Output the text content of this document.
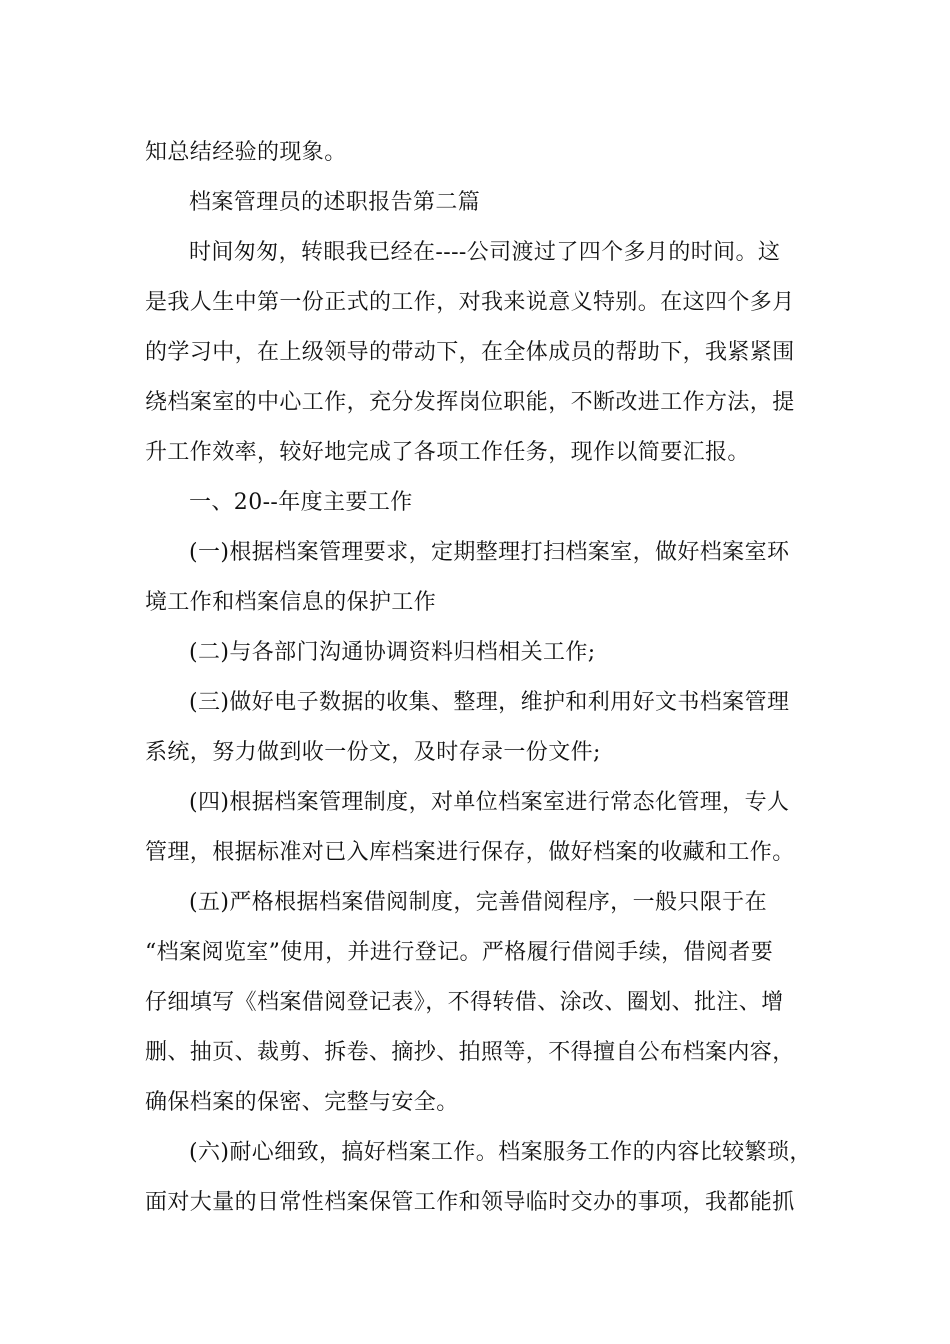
知总结经验的现象。
档案管理员的述职报告第二篇
时间匆匆，转眼我已经在----公司渡过了四个多月的时间。这
是我人生中第一份正式的工作，对我来说意义特别。在这四个多月
的学习中，在上级领导的带动下，在全体成员的帮助下，我紧紧围
绕档案室的中心工作，充分发挥岗位职能，不断改进工作方法，提
升工作效率，较好地完成了各项工作任务，现作以简要汇报。
一、20--年度主要工作
(一)根据档案管理要求，定期整理打扫档案室，做好档案室环
境工作和档案信息的保护工作
(二)与各部门沟通协调资料归档相关工作;
(三)做好电子数据的收集、整理，维护和利用好文书档案管理
系统，努力做到收一份文，及时存录一份文件;
(四)根据档案管理制度，对单位档案室进行常态化管理，专人
管理，根据标准对已入库档案进行保存，做好档案的收藏和工作。
(五)严格根据档案借阅制度，完善借阅程序，一般只限于在
“档案阅览室”使用，并进行登记。严格履行借阅手续，借阅者要
仔细填写《档案借阅登记表》，不得转借、涂改、圈划、批注、增
删、抽页、裁剪、拆卷、摘抄、拍照等，不得擅自公布档案内容，
确保档案的保密、完整与安全。
(六)耐心细致，搞好档案工作。档案服务工作的内容比较繁琐，
面对大量的日常性档案保管工作和领导临时交办的事项，我都能抓
